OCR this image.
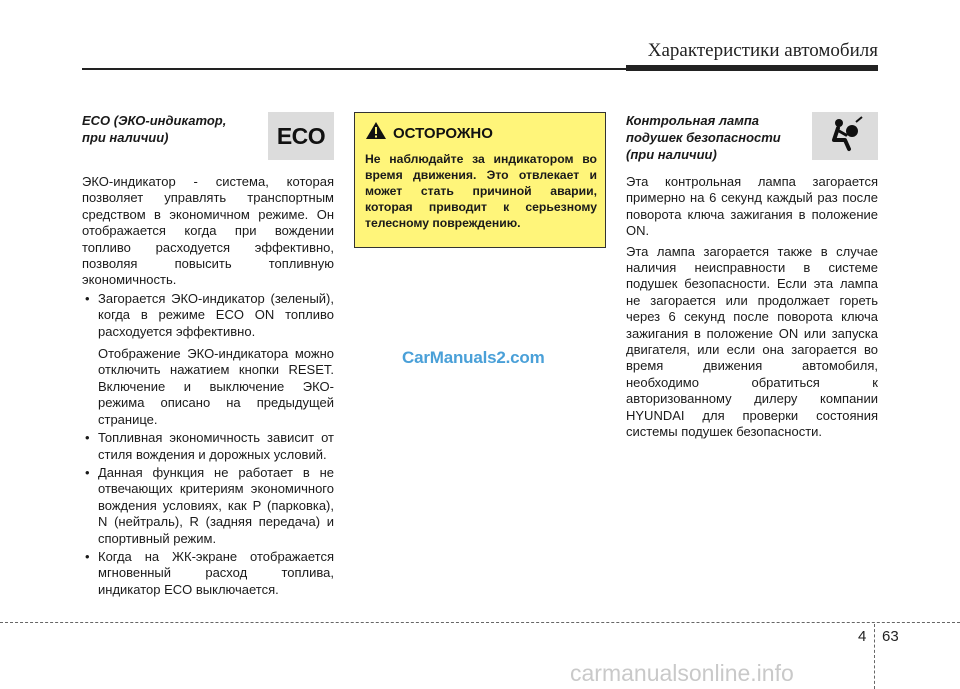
Характеристики автомобиля

ECO (ЭКО-индикатор,
при наличии)	ECO

ЭКО-индикатор - система, которая позволяет управлять транспортным средством в экономичном режиме. Он отображается когда при вождении топливо расходуется эффективно, позволяя повысить топливную экономичность.

• Загорается ЭКО-индикатор (зеленый), когда в режиме ECO ON топливо расходуется эффективно.
Отображение ЭКО-индикатора можно отключить нажатием кнопки RESET. Включение и выключение ЭКО-режима описано на предыдущей странице.
• Топливная экономичность зависит от стиля вождения и дорожных условий.
• Данная функция не работает в не отвечающих критериям экономичного вождения условиях, как P (парковка), N (нейтраль), R (задняя передача) и спортивный режим.
• Когда на ЖК-экране отображается мгновенный расход топлива, индикатор ECO выключается.
ОСТОРОЖНО
Не наблюдайте за индикатором во время движения. Это отвлекает и может стать причиной аварии, которая приводит к серьезному телесному повреждению.
CarManuals2.com

Контрольная лампа
подушек безопасности
(при наличии)

Эта контрольная лампа загорается примерно на 6 секунд каждый раз после поворота ключа зажигания в положение ON.

Эта лампа загорается также в случае наличия неисправности в системе подушек безопасности. Если эта лампа не загорается или продолжает гореть через 6 секунд после поворота ключа зажигания в положение ON или запуска двигателя, или если она загорается во время движения автомобиля, необходимо обратиться к авторизованному дилеру компании HYUNDAI для проверки состояния системы подушек безопасности.

4 63
carmanualsonline.info
